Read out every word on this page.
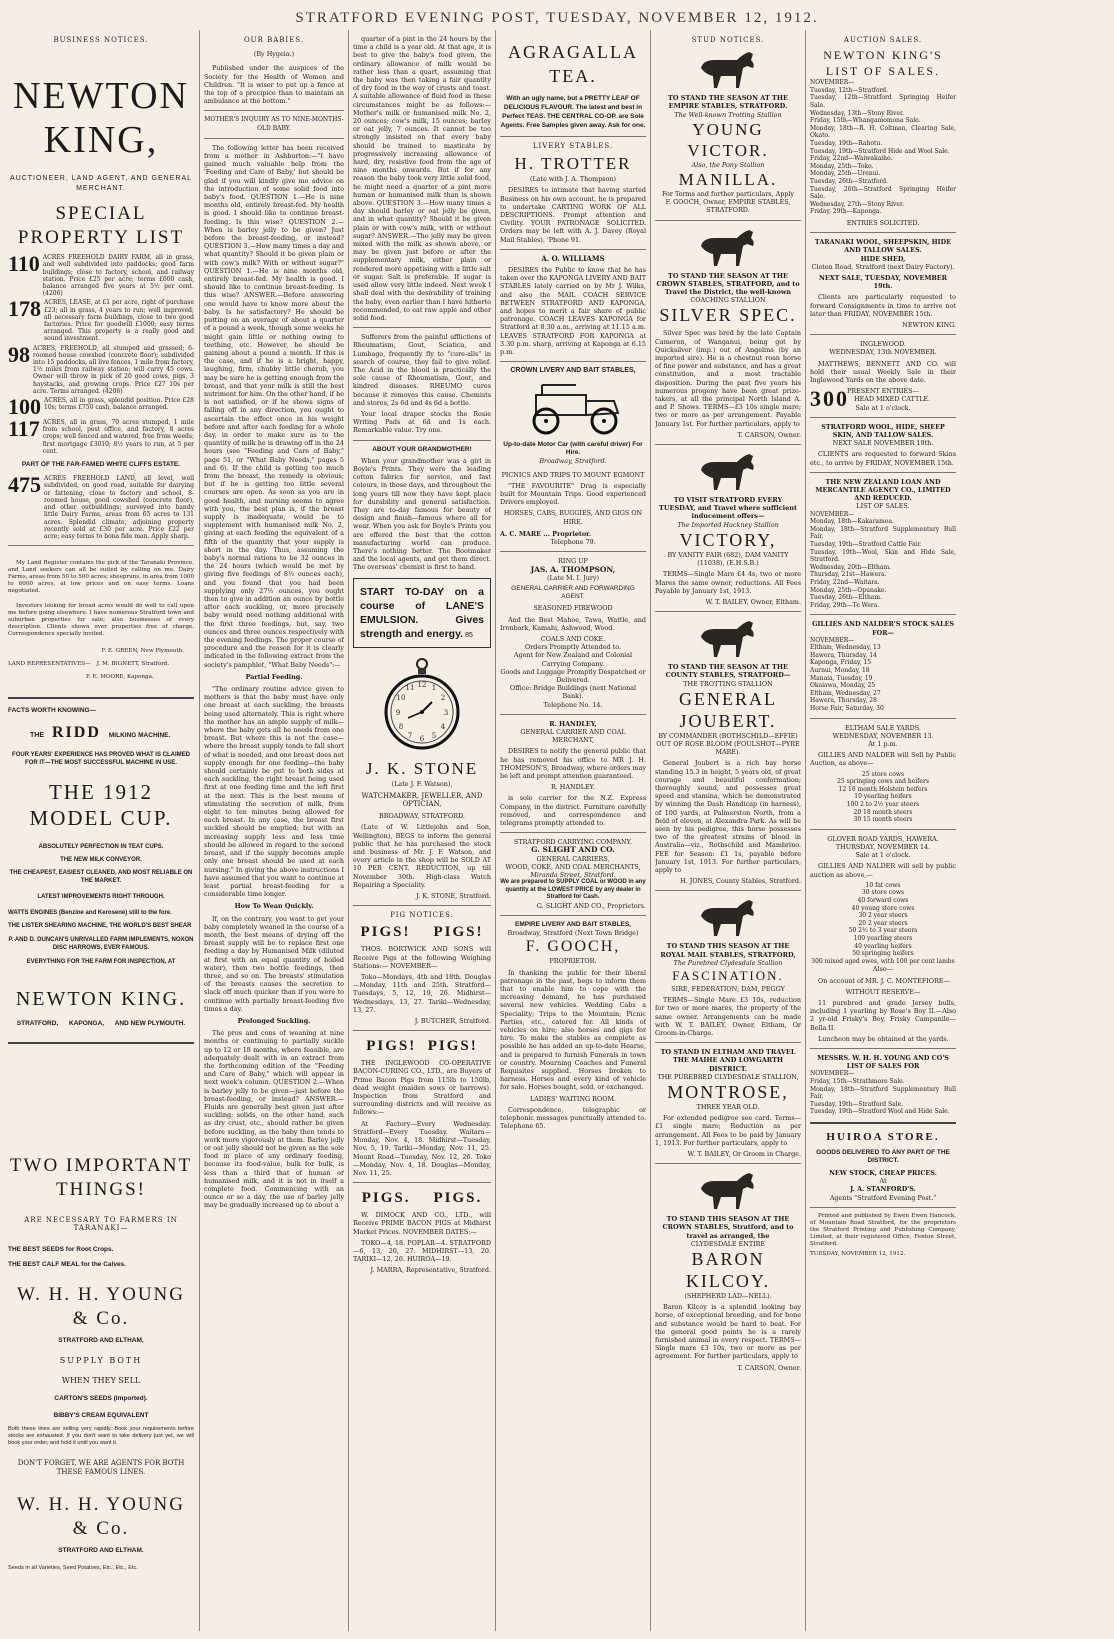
STRATFORD EVENING POST, TUESDAY, NOVEMBER 12, 1912.
BUSINESS NOTICES.
NEWTON KING,
AUCTIONEER, LAND AGENT, AND GENERAL MERCHANT.
SPECIAL PROPERTY LIST
110 ACRES FREEHOLD DAIRY FARM, all in grass, and well subdivided into paddocks; good farm buildings; close to factory, school, and railway station. Price £25 per acre; terms £600 cash, balance arranged five years at 5½ per cent. (4206)
178 ACRES, LEASE, at £1 per acre, right of purchase £23; all in grass, 4 years to run; well improved; all necessary farm buildings, close to two good factories. Price for goodwill £1000; easy terms arranged. This property is a really good and sound investment.
98 ACRES, FREEHOLD, all stumped and grassed; 6-roomed house cowshed (concrete floor); subdivided into 15 paddocks, all live fences, 1 mile from factory, 1½ miles from railway station; will carry 45 cows. Owner will throw in pick of 20 good cows, pigs, 3 haystacks, and growing crops. Price £27 10s per acre. Terms arranged. (4206)
100 ACRES, all in grass, splendid position. Price £28 10s; terms £750 cash, balance arranged.
117 ACRES, all in grass, 70 acres stumped, 1 mile from school, post office, and factory, 8 acres crops; well fenced and watered, free from weeds; first mortgage £3010; 8½ years to run, at 5 per cent.
PART OF THE FAR-FAMED WHITE CLIFFS ESTATE.
475 ACRES FREEHOLD LAND, all level, well subdivided, on good road, suitable for dairying or fattening, close to factory and school, 8-roomed house, good cowshed (concrete floor), and other outbuildings; surveyed into handy little Dairy Farms, areas from 65 acres to 131 acres. Splendid climate, adjoining property recently sold at £30 per acre. Price £22 per acre; easy terms to bona fide man. Apply sharp.
My Land Register contains the pick of the Taranaki Province, and Land seekers can all be suited by calling on me. Dairy Farms, areas from 50 to 500 acres; sheepruns, in area from 1000 to 6000 acres, at low prices and on easy terms. Loans negotiated.
Investors looking for broad acres would do well to call upon me before going elsewhere. I have numerous Stratford town and suburban properties for sale; also businesses of every description. Clients shown over properties free of charge. Correspondence specially invited.
F. E. GREEN, New Plymouth.
LAND REPRESENTATIVES— J. M. BIGNETT, Stratford.
F. E. MOORE, Kaponga.
FACTS WORTH KNOWING—
THE RIDD MILKING MACHINE.
FOUR YEARS' EXPERIENCE HAS PROVED WHAT IS CLAIMED FOR IT—THE MOST SUCCESSFUL MACHINE IN USE.
THE 1912 MODEL CUP.
ABSOLUTELY PERFECTION IN TEAT CUPS.
THE NEW MILK CONVEYOR.
THE CHEAPEST, EASIEST CLEANED, AND MOST RELIABLE ON THE MARKET.
LATEST IMPROVEMENTS RIGHT THROUGH.
WATTS ENGINES (Benzine and Kerosene) still to the fore.
THE LISTER SHEARING MACHINE, THE WORLD'S BEST SHEAR
P. AND D. DUNCAN'S UNRIVALLED FARM IMPLEMENTS, NOXON DISC HARROWS, EVER FAMOUS.
EVERYTHING FOR THE FARM FOR INSPECTION, AT
NEWTON KING.
STRATFORD,      KAPONGA,      AND NEW PLYMOUTH.
TWO IMPORTANT THINGS!
ARE NECESSARY TO FARMERS IN TARANAKI—
THE BEST SEEDS for Root Crops.
THE BEST CALF MEAL for the Calves.
W. H. H. YOUNG & Co.
STRATFORD AND ELTHAM,
SUPPLY BOTH
WHEN THEY SELL
CARTON'S SEEDS (Imported).
BIBBY'S CREAM EQUIVALENT
Both these lines are selling very rapidly. Book your requirements before stocks are exhausted. If you don't want to take delivery just yet, we will book your order, and hold it until you want it.
DON'T FORGET, WE ARE AGENTS FOR BOTH THESE FAMOUS LINES.
W. H. H. YOUNG & Co.
STRATFORD AND ELTHAM.
Seeds in all Varieties, Seed Potatoes, Etc., Etc., Etc.
OUR BABIES.
(By Hygeia.)
Published under the auspices of the Society for the Health of Women and Children. "It is wiser to put up a fence at the top of a precipice than to maintain an ambulance at the bottom."
MOTHER'S INQUIRY AS TO NINE-MONTHS-OLD BABY.
The following letter has been received from a mother in Ashburton:—"I have gained much valuable help from the 'Feeding and Care of Baby,' but should be glad if you will kindly give me advice on the introduction of some solid food into baby's food. QUESTION 1.—He is nine months old, entirely breast-fed. My health is good. I should like to continue breast-feeding. Is this wise? QUESTION 2.—When is barley jelly to be given? Just before the breast-feeding, or instead? QUESTION 3.—How many times a day and what quantity? Should it be given plain or with cow's milk? With or without sugar?" QUESTION 1.—He is nine months old, entirely breast-fed. My health is good. I should like to continue breast-feeding. Is this wise? ANSWER.—Before answering one would have to know more about the baby. Is he satisfactory? He should be putting on an average of about a quarter of a pound a week, though some weeks he might gain little or nothing owing to teething, etc. However, he should be gaining about a pound a month. If this is the case, and if he is a bright, happy, laughing, firm, chubby little cherub, you may be sure he is getting enough from the breast, and that your milk is still the best nutriment for him. On the other hand, if he is not satisfied, or if he shows signs of falling off in any direction, you ought to ascertain the effect once in his weight before and after each feeding for a whole day, in order to make sure as to the quantity of milk he is drawing off in the 24 hours (see "Feeding and Care of Baby," page 51, or "What Baby Needs," pages 5 and 6). If the child is getting too much from the breast, the remedy is obvious; but if he is getting too little several courses are open. As soon as you are in good health, and nursing seems to agree with you, the best plan is, if the breast supply is inadequate, would be to supplement with humanised milk No. 2, giving at each feeding the equivalent of a fifth of the quantity that your supply is short in the day. Thus, assuming the baby's normal rations to be 32 ounces in the 24 hours (which would be met by giving five feedings of 8½ ounces each), and you found that you had been supplying only 27½ ounces, you ought then to give in addition an ounce by bottle after each suckling, or, more precisely baby would need nothing additional with the first three feedings, but, say, two ounces and three ounces respectively with the evening feedings. The proper course of procedure and the reason for it is clearly indicated in the following extract from the society's pamphlet, "What Baby Needs":—
Partial Feeding.
"The ordinary routine advice given to mothers is that the baby must have only one breast at each suckling, the breasts being used alternately. This is right where the mother has an ample supply of milk—where the baby gets all he needs from one breast. But where this is not the case—where the breast supply tends to fall short of what is needed, and one breast does not supply enough for one feeding—the baby should certainly be put to both sides at each suckling, the right breast being used first at one feeding time and the left first at the next. This is the best means of stimulating the secretion of milk, from eight to ten minutes being allowed for each breast. In any case, the breast first suckled should be emptied; but with an increasing supply less and less time should be allowed in regard to the second breast, and if the supply becomes ample only one breast should be used at each nursing." In giving the above instructions I have assumed that you want to continue at least partial breast-feeding for a considerable time longer.
How To Wean Quickly.
If, on the contrary, you want to get your baby completely weaned in the course of a month, the best means of drying off the breast supply will be to replace first one feeding a day by Humanised Milk (diluted at first with an equal quantity of boiled water), then two bottle feedings, then three, and so on. The breasts' stimulation of the breasts causes the secretion to slack off much quicker than if you were to continue with partially breast-feeding five times a day.
Prolonged Suckling.
The pros and cons of weaning at nine months or continuing to partially suckle up to 12 or 18 months, where feasible, are adequately dealt with in an extract from the forthcoming edition of the "Feeding and Care of Baby," which will appear in next week's column. QUESTION 2.—When is barley jelly to be given—just before the breast-feeding, or instead? ANSWER.—Fluids are generally best given just after suckling; solids, on the other hand, such as dry crust, etc., should rather be given before suckling, as the baby then tends to work more vigorously at them. Barley jelly or oat jelly should not be given as the sole food in place of any ordinary feeding, because its food-value, bulk for bulk, is less than a third that of human or humanised milk, and it is not in itself a complete food. Commencing with an ounce or so a day, the use of barley jelly may be gradually increased up to about a
quarter of a pint in the 24 hours by the time a child is a year old. At that age, it is best to give the baby's food given, the ordinary allowance of milk would be rather less than a quart, assuming that the baby was then taking a fair quantity of dry food in the way of crusts and toast. A suitable allowance of fluid food in these circumstances might be as follows:—Mother's milk or humanised milk No. 2, 20 ounces; cow's milk, 15 ounces; barley or oat jelly, 7 ounces. It cannot be too strongly insisted on that every baby should be trained to masticate by progressively increasing allowance of hard, dry, resistive food from the age of nine months onwards. But if for any reason the baby took very little solid food, he might need a quarter of a pint more human or humanised milk than is shown above. QUESTION 3.—How many times a day should barley or oat jelly be given, and in what quantity? Should it be given plain or with cow's milk, with or without sugar? ANSWER.—The jelly may be given mixed with the milk as shown above, or may be given just before or after the supplementary milk, either plain or rendered more appetising with a little salt or sugar. Salt is preferable. If sugar is used allow very little indeed. Next week I shall deal with the desirability of training the baby, even earlier than I have hitherto recommended, to eat raw apple and other solid food.
Sufferers from the painful afflictions of Rheumatism, Gout, Sciatica, and Lumbago, frequently fly to "cure-alls" in search of course, they fail to give relief. The Acid in the blood is practically the sole cause of Rheumatism, Gout, and kindred diseases. RHEUMO cures because it removes this cause. Chemists and stores, 2s 6d and 4s 6d a bottle.
Your local draper stocks the Rosie Writing Pads at 6d and 1s each. Remarkable value. Try one.
ABOUT YOUR GRANDMOTHER!
When your grandmother was a girl in Boyle's Prints. They were the leading cotton fabrics for service, and fast colours, in those days, and throughout the long years till now they have kept place for durability and general satisfaction. They are to-day famous for beauty of design and finish—famous where all for wear. When you ask for Boyle's Prints you are offered the best that the cotton manufacturing world can produce. There's nothing better. The Bootmaker and the local agents, and get them direct. The overseas' chemist is first to hand.
START TO-DAY on a course of LANE'S EMULSION. Gives strength and energy. 85
12
3
6
9
1
2
4
5
7
8
10
11
J. K. STONE
(Late J. F. Watson),
WATCHMAKER, JEWELLER, AND OPTICIAN,
BROADWAY, STRATFORD.
(Late of W. Littlejohn and Son, Wellington), BEGS to inform the general public that he has purchased the stock and business of Mr. J. F. Watson, and every article in the shop will be SOLD AT 10 PER CENT. REDUCTION, up till November 30th. High-class Watch Repairing a Speciality.
J. K. STONE, Stratford.
PIG NOTICES.
PIGS!    PIGS!
THOS. BORTWICK AND SONS will Receive Pigs at the following Weighing Stations:— NOVEMBER—
Toko—Mondays, 4th and 18th. Douglas—Monday, 11th and 25th. Stratford—Tuesdays, 5, 12, 19, 26. Midhirst—Wednesdays, 13, 27. Tariki—Wednesday, 13, 27.
J. BUTCHER, Stratford.
PIGS!  PIGS!
THE INGLEWOOD CO-OPERATIVE BACON-CURING CO., LTD., are Buyers of Prime Bacon Pigs from 115lb to 150lb, dead weight (maiden sows or barrows). Inspection from Stratford and surrounding districts and will receive as follows:—
At Factory—Every Wednesday. Stratford—Every Tuesday. Waitara—Monday, Nov. 4, 18. Midhirst—Tuesday, Nov. 5, 19. Tariki—Monday, Nov. 11, 25. Mount Road—Tuesday, Nov. 12, 26. Toko—Monday, Nov. 4, 18. Douglas—Monday, Nov. 11, 25.
PIGS.    PIGS.
W. DIMOCK AND CO., LTD., will Receive PRIME BACON PIGS at Midhirst Market Prices. NOVEMBER DATES:—
TOKO—4, 18. POPLAR—4. STRATFORD—6, 13, 20, 27. MIDHIRST—13, 20. TARIKI—12, 26. HUIROA—19.
J. MARRA, Representative, Stratford.
AGRAGALLA TEA.
With an ugly name, but a PRETTY LEAF OF DELICIOUS FLAVOUR. The latest and best in Perfect TEAS. THE CENTRAL CO-OP. are Sole Agents. Free Samples given away. Ask for one.
LIVERY STABLES.
H. TROTTER
(Late with J. A. Thompson)
DESIRES to intimate that having started Business on his own account, he is prepared to undertake CARTING WORK OF ALL DESCRIPTIONS. Prompt attention and Civility. YOUR PATRONAGE SOLICITED. Orders may be left with A. J. Davey (Royal Mail Stables). 'Phone 91.
A. O. WILLIAMS
DESIRES the Public to know that he has taken over the KAPONGA LIVERY AND BAIT STABLES lately carried on by Mr J. Wilks, and also the MAIL COACH SERVICE BETWEEN STRATFORD AND KAPONGA, and hopes to merit a fair share of public patronage. COACH LEAVES KAPONGA for Stratford at 8.30 a.m., arriving at 11.15 a.m. LEAVES STRATFORD FOR KAPONGA at 3.30 p.m. sharp, arriving at Kaponga at 6.15 p.m.
CROWN LIVERY AND BAIT STABLES,
Up-to-date Motor Car (with careful driver) For Hire.
Broadway, Stratford.
PICNICS AND TRIPS TO MOUNT EGMONT
"THE FAVOURITE" Drag is especially built for Mountain Trips. Good experienced Drivers employed.
HORSES, CABS, BUGGIES, AND GIGS ON HIRE.
A. C. MARE ... Proprietor.
Telephone 79.
RING UP
JAS. A. THOMPSON,
(Late M. I. Jury)
GENERAL CARRIER AND FORWARDING AGENT.
SEASONED FIREWOOD
And the Best Mahoe, Tawa, Wattle, and Ironbark, Kamahi, Ashwood, Wood.
COALS AND COKE.
Orders Promptly Attended to.
Agent for New Zealand and Colonial Carrying Company.
Goods and Luggage Promptly Despatched or Delivered.
Office: Bridge Buildings (next National Bank).
Telephone No. 14.
R. HANDLEY,
GENERAL CARRIER AND COAL MERCHANT,
DESIRES to notify the general public that he has removed his office to MR J. H. THOMPSON'S, Broadway, where orders may be left and prompt attention guaranteed.
R. HANDLEY.
is sole carrier for the N.Z. Express Company, in the district. Furniture carefully removed, and correspondence and telegrams promptly attended to.
STRATFORD CARRYING COMPANY.
G. SLIGHT AND CO.
GENERAL CARRIERS,
WOOD, COKE, AND COAL MERCHANTS,
Miranda Street, Stratford.
We are prepared to SUPPLY COAL or WOOD in any quantity at the LOWEST PRICE by any dealer in Stratford for Cash.
G. SLIGHT AND CO., Proprietors.
EMPIRE LIVERY AND BAIT STABLES,
Broadway, Stratford (Next Town Bridge)
F. GOOCH,
PROPRIETOR.
In thanking the public for their liberal patronage in the past, begs to inform them that to enable him to cope with the increasing demand, he has purchased several new vehicles. Wedding Cabs a Speciality; Trips to the Mountain; Picnic Parties, etc., catered for. All kinds of vehicles on hire; also horses and gigs for hire. To make the stables as complete as possible he has added an up-to-date Hearse, and is prepared to furnish Funerals in town or country. Mourning Coaches and Funeral Requisites supplied. Horses broken to harness. Horses and every kind of vehicle for sale. Horses bought, sold, or exchanged.
LADIES' WAITING ROOM.
Correspondence, telegraphic or telephonic messages punctually attended to. Telephone 65.
STUD NOTICES.
TO STAND THE SEASON AT THE EMPIRE STABLES, STRATFORD.
The Well-known Trotting Stallion
YOUNG VICTOR.
Also, the Pony Stallion
MANILLA.
For Terms and further particulars, Apply
F. GOOCH, Owner, EMPIRE STABLES, STRATFORD.
TO STAND THE SEASON AT THE CROWN STABLES, STRATFORD, and to Travel the District, the well-known
COACHING STALLION
SILVER SPEC.
Silver Spec was bred by the late Captain Cameron, of Wanganui, being got by Quicksilver (imp.) out of Angelina (by an imported sire). He is a chestnut roan horse of fine power and substance, and has a great constitution, and a most tractable disposition. During the past five years his numerous progeny have been great prize-takers, at all the principal North Island A. and P. Shows. TERMS—£3 10s single mare; two or more as per arrangement. Payable January 1st. For further particulars, apply to
T. CARSON, Owner.
TO VISIT STRATFORD EVERY TUESDAY, and Travel where sufficient inducement offers—
The Imported Hackney Stallion
VICTORY,
BY VANITY FAIR (682), DAM VANITY (11038), (E.H.S.B.)
TERMS—Single Mare £4 4s, two or more Mares the same owner, reductions. All Fees Payable by January 1st, 1913.
W. T. BAILEY, Owner, Eltham.
TO STAND THE SEASON AT THE COUNTY STABLES, STRATFORD—
THE TROTTING STALLION
GENERAL JOUBERT.
BY COMMANDER (BOTHSCHILD—EFFIE) OUT OF ROSE BLOOM (FOULSHOT—PYRE MARE).
General Joubert is a rich bay horse standing 15.3 in height, 5 years old, of great courage and beautiful conformation; thoroughly sound, and possesses great speed and stamina, which he demonstrated by winning the Dash Handicap (in harness), of 100 yards, at Palmerston North, from a field of eleven, at Alexandra Park. As will be seen by his pedigree, this horse possesses two of the greatest strains of blood in Australia—viz., Rothschild and Mambrino. FEE for Season: £1 1s, payable before January 1st, 1913. For further particulars, apply to
H. JONES, County Stables, Stratford.
TO STAND THIS SEASON AT THE ROYAL MAIL STABLES, STRATFORD,
The Purebred Clydesdale Stallion
FASCINATION.
SIRE, FEDERATION; DAM, PEGGY
TERMS—Single Mare £3 10s, reduction for two or more mares, the property of the same owner. Arrangements can be made with W. T. BAILEY, Owner, Eltham, Or Groom-in-Charge.
TO STAND IN ELTHAM AND TRAVEL THE MAIHE AND LOWGARTH DISTRICT.
THE PUREBRED CLYDESDALE STALLION,
MONTROSE,
THREE YEAR OLD.
For extended pedigree see card. Terms—£1 single mare; Reduction as per arrangement. All Fees to be paid by January 1, 1913. For further particulars, apply to
W. T. BAILEY, Or Groom in Charge.
TO STAND THIS SEASON AT THE CROWN STABLES, Stratford, and to travel as arranged, the
CLYDESDALE ENTIRE
BARON KILCOY.
(SHEPHERD LAD—NELL).
Baron Kilcoy is a splendid looking bay horse, of exceptional breeding, and for bone and substance would be hard to beat. For the general good points he is a rarely furnished animal in every respect. TERMS—Single mare £3 10s, two or more as per agreement. For further particulars, apply to
T. CARSON, Owner.
AUCTION SALES.
NEWTON KING'S LIST OF SALES.
NOVEMBER—
Tuesday, 12th—Stratford.
Tuesday, 12th—Stratford Springing Heifer Sale.
Wednesday, 13th—Stony River.
Friday, 15th—Whangamomona Sale.
Monday, 18th—R. H. Coltman, Clearing Sale, Okato.
Tuesday, 19th—Rahotu.
Tuesday, 19th—Stratford Hide and Wool Sale.
Friday, 22nd—Waiwakaiho.
Monday, 25th—Toko.
Monday, 25th—Urenui.
Tuesday, 26th—Stratford.
Tuesday, 26th—Stratford Springing Heifer Sale.
Wednesday, 27th—Stony River.
Friday, 29th—Kaponga.
ENTRIES SOLICITED.
TARANAKI WOOL, SHEEPSKIN, HIDE AND TALLOW SALES.
HIDE SHED,
Cloten Road, Stratford (next Dairy Factory).
NEXT SALE, TUESDAY, NOVEMBER 19th.
Clients are particularly requested to forward Consignments in time to arrive not later than FRIDAY, NOVEMBER 15th.
NEWTON KING.
INGLEWOOD.
WEDNESDAY, 13th NOVEMBER.
MATTHEWS, BENNETT AND CO. will hold their usual Weekly Sale in their Inglewood Yards on the above date.
PRESENT ENTRIES—
300 HEAD MIXED CATTLE.
Sale at 1 o'clock.
STRATFORD WOOL, HIDE, SHEEP SKIN, AND TALLOW SALES.
NEXT SALE NOVEMBER 19th.
CLIENTS are requested to forward Skins etc., to arrive by FRIDAY, NOVEMBER 15th.
THE NEW ZEALAND LOAN AND MERCANTILE AGENCY CO., LIMITED AND REDUCED.
LIST OF SALES.
NOVEMBER—
Monday, 18th—Kakaramea.
Monday, 18th—Stratford Supplementary Bull Fair.
Tuesday, 19th—Stratford Cattle Fair.
Tuesday, 19th—Wool, Skin and Hide Sale, Stratford.
Wednesday, 20th—Eltham.
Thursday, 21st—Hawera.
Friday, 22nd—Waitara.
Monday, 25th—Opunake.
Tuesday, 26th—Eltham.
Friday, 29th—Te Wera.
GILLIES AND NALDER'S STOCK SALES FOR—
NOVEMBER—
Eltham, Wednesday, 13
Hawera, Thursday, 14
Kaponga, Friday, 15
Aurnui, Monday, 18
Manaia, Tuesday, 19
Okaiawa, Monday, 25
Eltham, Wednesday, 27
Hawera, Thursday, 28
Horse Fair, Saturday, 30
ELTHAM SALE YARDS.
WEDNESDAY, NOVEMBER 13.
At 1 p.m.
GILLIES AND NALDER will Sell by Public Auction, as above—
25 store cows
25 springing cows and heifers
12 18 month Holstein heifers
10 yearling heifers
100 2 to 2½ year steers
20 18 month steers
30 15 month steers
GLOVER ROAD YARDS, HAWERA.
THURSDAY, NOVEMBER 14.
Sale at 1 o'clock.
GILLIES AND NALDER will sell by public auction as above,—
10 fat cows
30 store cows
40 forward cows
40 young store cows
30 2 year steers
20 2 year steers
50 2½ to 3 year steers
100 yearling steers
40 yearling heifers
50 springing heifers
300 mixed aged ewes, with 100 per cent lambs
Also—
On account of MR. J. C. MONTEFIORE—
WITHOUT RESERVE—
11 purebred and grade Jersey bulls, including 1 yearling by Rose's Boy II.—Also 2 yr-old Frisky's Boy, Frisky Campanile—Bella II.
Luncheon may be obtained at the yards.
MESSRS. W. H. H. YOUNG AND CO'S LIST OF SALES FOR
NOVEMBER—
Friday, 15th—Strathmore Sale.
Monday, 18th—Stratford Supplementary Bull Fair.
Tuesday, 19th—Stratford Sale.
Tuesday, 19th—Stratford Wool and Hide Sale.
HUIROA STORE.
GOODS DELIVERED TO ANY PART OF THE DISTRICT.
NEW STOCK, CHEAP PRICES.
At
J. A. STANFORD'S.
Agents "Stratford Evening Post."
Printed and published by Ewen Ewen Hancock, of Mountain Road Stratford, for the proprietors the Stratford Printing and Publishing Company, Limited, at their registered Office, Fenton Street, Stratford.
TUESDAY, NOVEMBER 12, 1912.
